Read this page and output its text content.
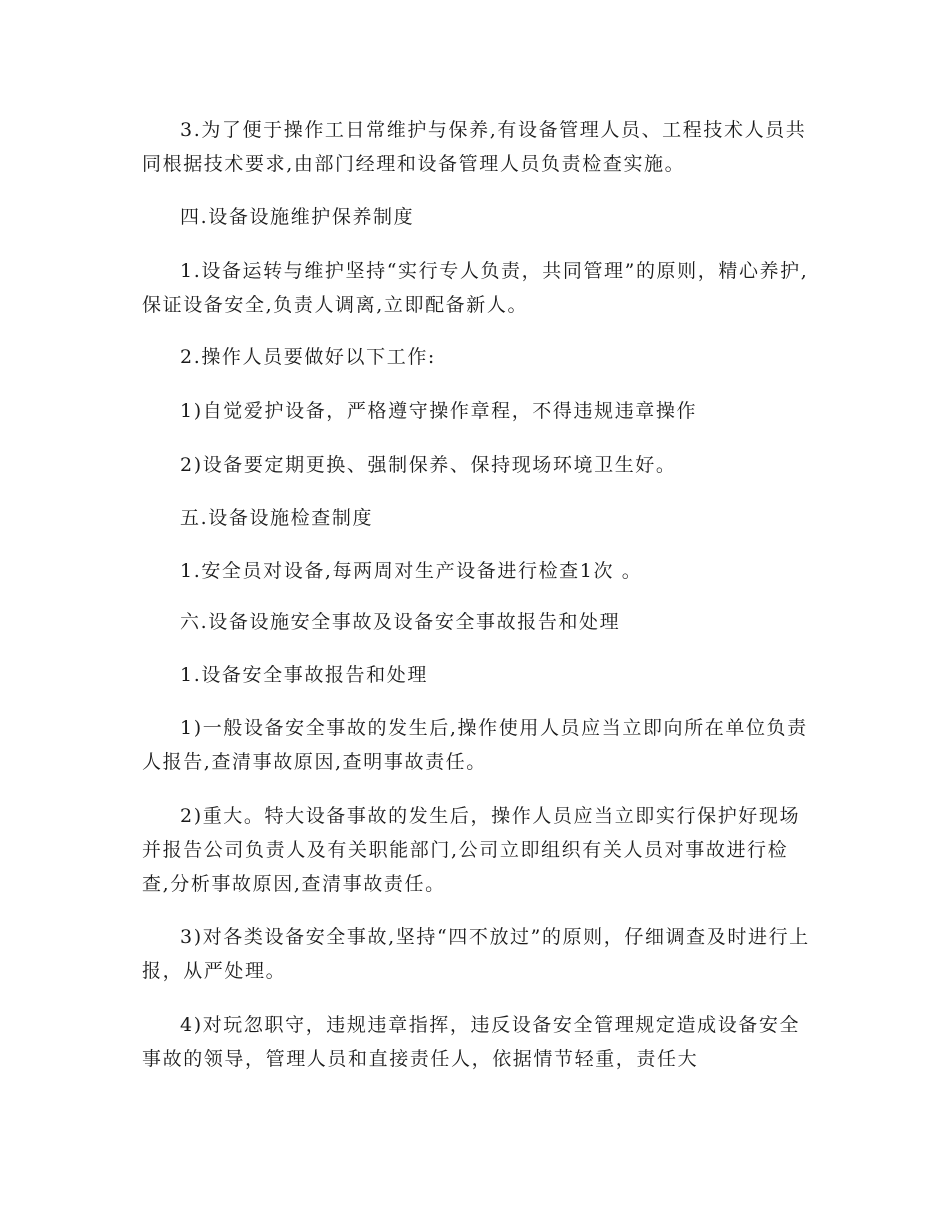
3.为了便于操作工日常维护与保养,有设备管理人员、工程技术人员共同根据技术要求,由部门经理和设备管理人员负责检查实施。

四.设备设施维护保养制度

1.设备运转与维护坚持“实行专人负责，共同管理”的原则，精心养护,保证设备安全,负责人调离,立即配备新人。

2.操作人员要做好以下工作:

1)自觉爱护设备，严格遵守操作章程，不得违规违章操作

2)设备要定期更换、强制保养、保持现场环境卫生好。

五.设备设施检查制度

1.安全员对设备,每两周对生产设备进行检查1次 。

六.设备设施安全事故及设备安全事故报告和处理

1.设备安全事故报告和处理

1)一般设备安全事故的发生后,操作使用人员应当立即向所在单位负责人报告,查清事故原因,查明事故责任。

2)重大。特大设备事故的发生后，操作人员应当立即实行保护好现场并报告公司负责人及有关职能部门,公司立即组织有关人员对事故进行检查,分析事故原因,查清事故责任。

3)对各类设备安全事故,坚持“四不放过”的原则，仔细调查及时进行上报，从严处理。

4)对玩忽职守，违规违章指挥，违反设备安全管理规定造成设备安全事故的领导，管理人员和直接责任人，依据情节轻重，责任大
